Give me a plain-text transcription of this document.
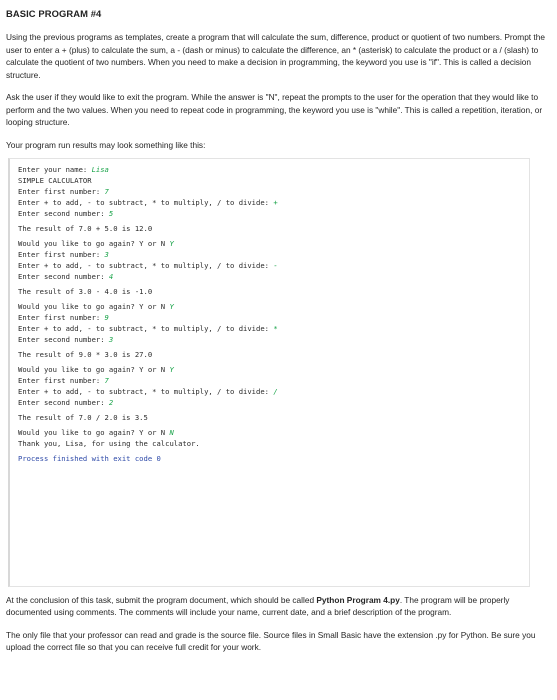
BASIC PROGRAM #4

Using the previous programs as templates, create a program that will calculate the sum, difference, product or quotient of two numbers. Prompt the user to enter a + (plus) to calculate the sum, a - (dash or minus) to calculate the difference, an * (asterisk) to calculate the product or a / (slash) to calculate the quotient of two numbers. When you need to make a decision in programming, the keyword you use is "if". This is called a decision structure.

Ask the user if they would like to exit the program. While the answer is "N", repeat the prompts to the user for the operation that they would like to perform and the two values. When you need to repeat code in programming, the keyword you use is "while". This is called a repetition, iteration, or looping structure.

Your program run results may look something like this:

Enter your name: Lisa
SIMPLE CALCULATOR
Enter first number: 7
Enter + to add, - to subtract, * to multiply, / to divide: +
Enter second number: 5
The result of 7.0 + 5.0 is 12.0
Would you like to go again? Y or N Y
Enter first number: 3
Enter + to add, - to subtract, * to multiply, / to divide: -
Enter second number: 4
The result of 3.0 - 4.0 is -1.0
Would you like to go again? Y or N Y
Enter first number: 9
Enter + to add, - to subtract, * to multiply, / to divide: *
Enter second number: 3
The result of 9.0 * 3.0 is 27.0
Would you like to go again? Y or N Y
Enter first number: 7
Enter + to add, - to subtract, * to multiply, / to divide: /
Enter second number: 2
The result of 7.0 / 2.0 is 3.5
Would you like to go again? Y or N N
Thank you, Lisa, for using the calculator.
Process finished with exit code 0

At the conclusion of this task, submit the program document, which should be called Python Program 4.py. The program will be properly documented using comments. The comments will include your name, current date, and a brief description of the program.

The only file that your professor can read and grade is the source file. Source files in Small Basic have the extension .py for Python. Be sure you upload the correct file so that you can receive full credit for your work.
